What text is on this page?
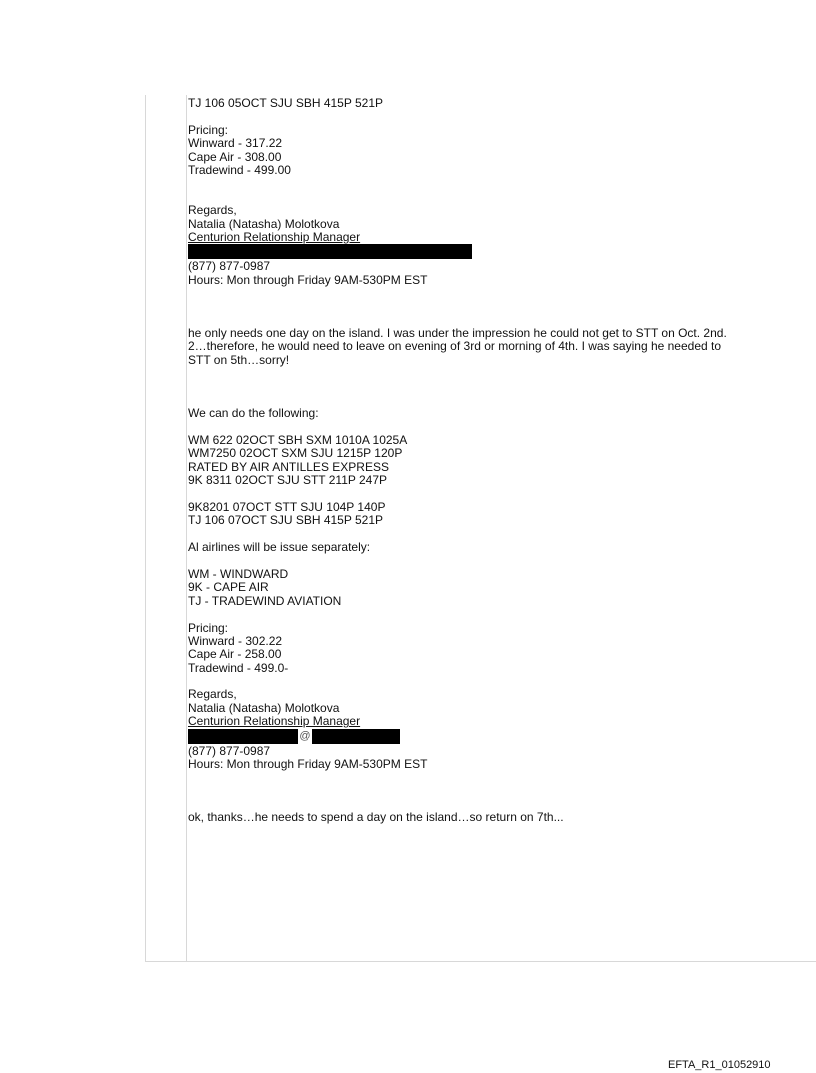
TJ 106 05OCT SJU SBH 415P 521P
Pricing:
Winward - 317.22
Cape Air - 308.00
Tradewind - 499.00
Regards,
Natalia (Natasha) Molotkova
Centurion Relationship Manager
(877) 877-0987
Hours: Mon through Friday 9AM-530PM EST
he only needs one day on the island. I was under the impression he could not get to STT on Oct. 2nd.
2…therefore, he would need to leave on evening of 3rd or morning of 4th. I was saying he needed to
STT on 5th…sorry!
We can do the following:
WM 622 02OCT SBH SXM 1010A 1025A
WM7250 02OCT SXM SJU 1215P 120P
RATED BY AIR ANTILLES EXPRESS
9K 8311 02OCT SJU STT 211P 247P
9K8201 07OCT STT SJU 104P 140P
TJ 106 07OCT SJU SBH 415P 521P
Al airlines will be issue separately:
WM - WINDWARD
9K - CAPE AIR
TJ - TRADEWIND AVIATION
Pricing:
Winward - 302.22
Cape Air - 258.00
Tradewind - 499.0-
Regards,
Natalia (Natasha) Molotkova
Centurion Relationship Manager
@
(877) 877-0987
Hours: Mon through Friday 9AM-530PM EST
ok, thanks…he needs to spend a day on the island…so return on 7th...
EFTA_R1_01052910
